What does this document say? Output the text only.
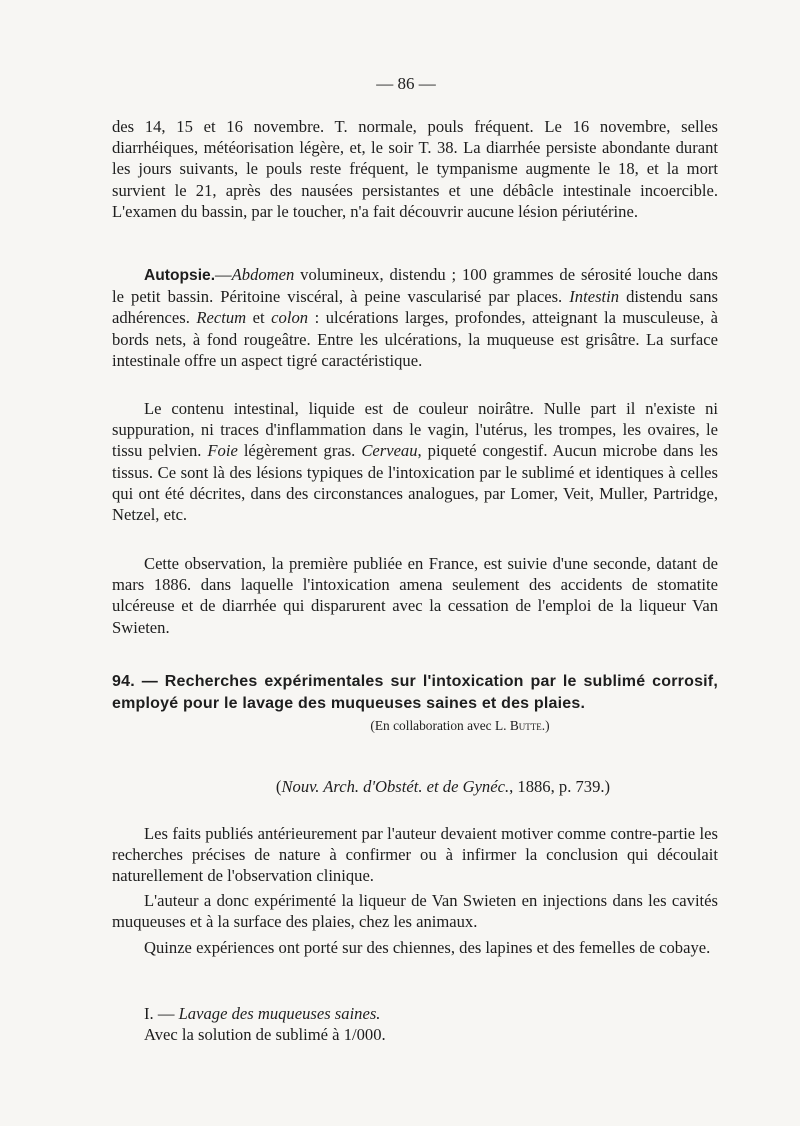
— 86 —

des 14, 15 et 16 novembre. T. normale, pouls fréquent. Le 16 novembre, selles diarrhéiques, météorisation légère, et, le soir T. 38. La diarrhée persiste abondante durant les jours suivants, le pouls reste fréquent, le tympanisme augmente le 18, et la mort survient le 21, après des nausées persistantes et une débâcle intestinale incoercible. L'examen du bassin, par le toucher, n'a fait découvrir aucune lésion périutérine.

Autopsie.—Abdomen volumineux, distendu ; 100 grammes de sérosité louche dans le petit bassin. Péritoine viscéral, à peine vascularisé par places. Intestin distendu sans adhérences. Rectum et colon : ulcérations larges, profondes, atteignant la musculeuse, à bords nets, à fond rougeâtre. Entre les ulcérations, la muqueuse est grisâtre. La surface intestinale offre un aspect tigré caractéristique.

Le contenu intestinal, liquide est de couleur noirâtre. Nulle part il n'existe ni suppuration, ni traces d'inflammation dans le vagin, l'utérus, les trompes, les ovaires, le tissu pelvien. Foie légèrement gras. Cerveau, piqueté congestif. Aucun microbe dans les tissus. Ce sont là des lésions typiques de l'intoxication par le sublimé et identiques à celles qui ont été décrites, dans des circonstances analogues, par Lomer, Veit, Muller, Partridge, Netzel, etc.

Cette observation, la première publiée en France, est suivie d'une seconde, datant de mars 1886. dans laquelle l'intoxication amena seulement des accidents de stomatite ulcéreuse et de diarrhée qui disparurent avec la cessation de l'emploi de la liqueur Van Swieten.

94. — Recherches expérimentales sur l'intoxication par le sublimé corrosif, employé pour le lavage des muqueuses saines et des plaies.

(En collaboration avec L. Butte.)

(Nouv. Arch. d'Obstét. et de Gynéc., 1886, p. 739.)

Les faits publiés antérieurement par l'auteur devaient motiver comme contre-partie les recherches précises de nature à confirmer ou à infirmer la conclusion qui découlait naturellement de l'observation clinique.

L'auteur a donc expérimenté la liqueur de Van Swieten en injections dans les cavités muqueuses et à la surface des plaies, chez les animaux.

Quinze expériences ont porté sur des chiennes, des lapines et des femelles de cobaye.

I. — Lavage des muqueuses saines.

Avec la solution de sublimé à 1/000.
